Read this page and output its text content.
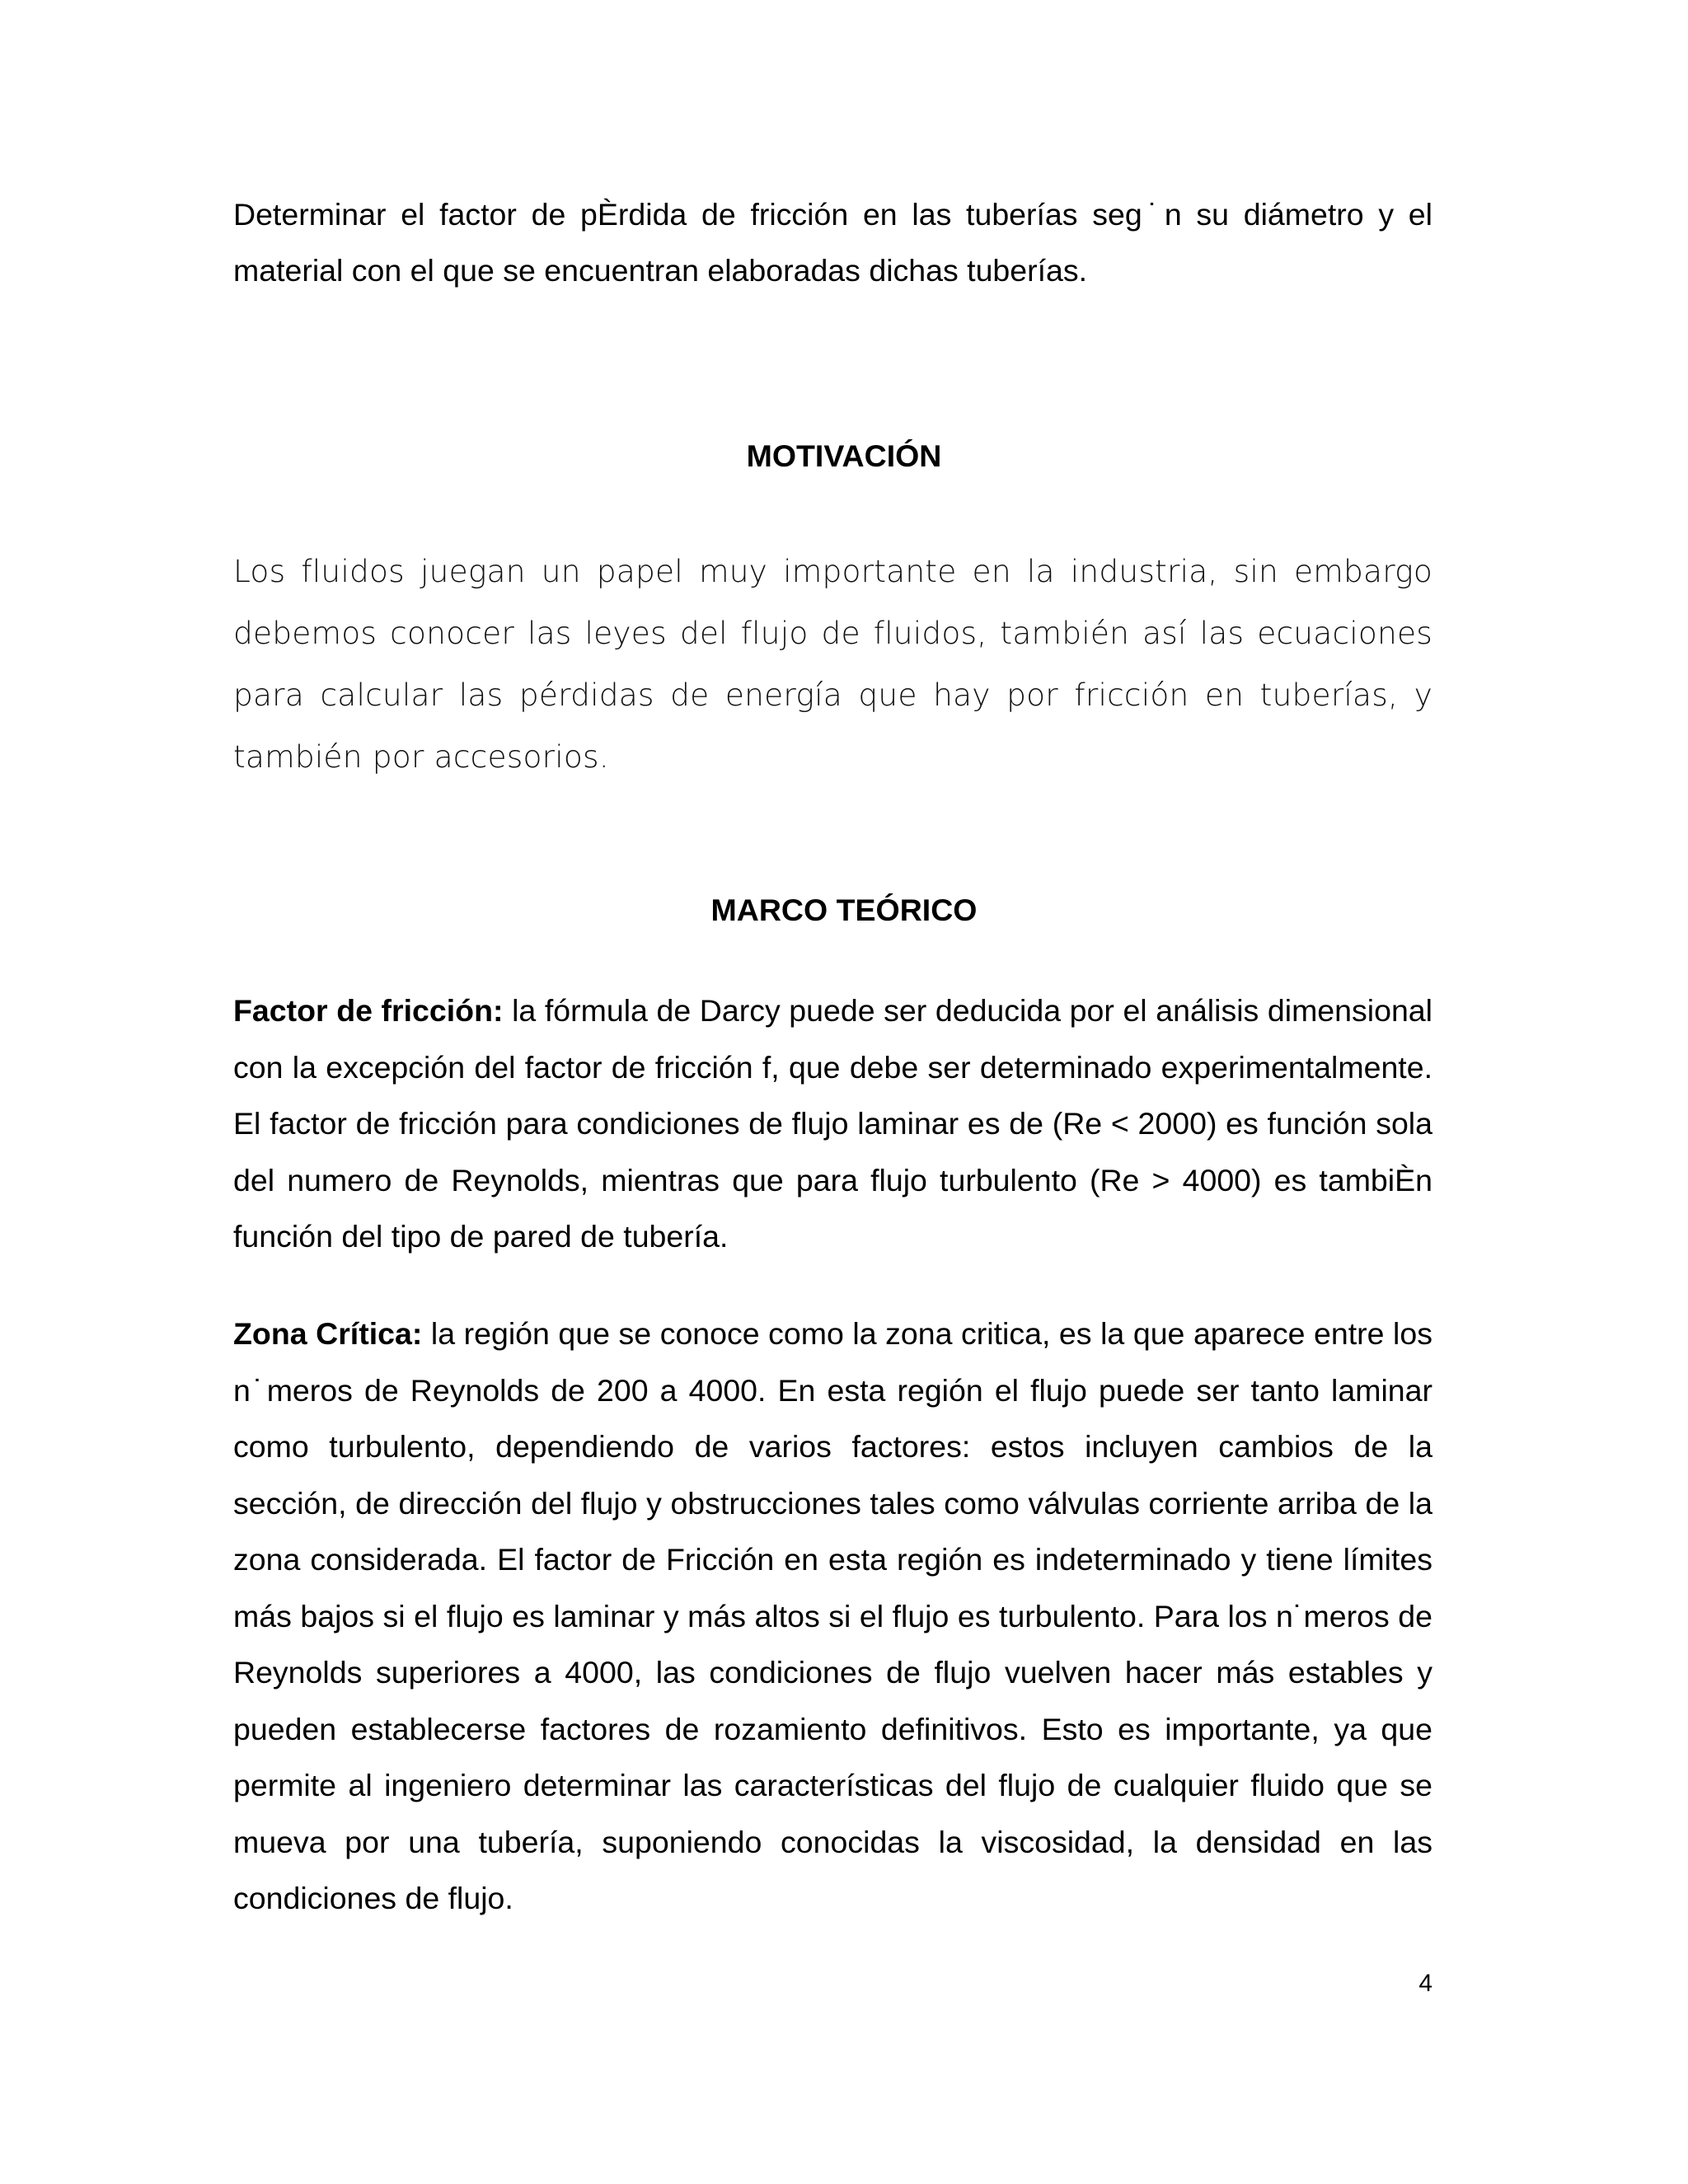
Determinar el factor de pÈrdida de fricción en las tuberías seg˙n su diámetro y el material con el que se encuentran elaboradas dichas tuberías.

MOTIVACIÓN

Los fluidos juegan un papel muy importante en la industria, sin embargo debemos conocer las leyes del flujo de fluidos, también así las ecuaciones para calcular las pérdidas de energía que hay por fricción en tuberías, y también por accesorios.

MARCO TEÓRICO

Factor de fricción: la fórmula de Darcy puede ser deducida por el análisis dimensional con la excepción del factor de fricción f, que debe ser determinado experimentalmente. El factor de fricción para condiciones de flujo laminar es de (Re < 2000) es función sola del numero de Reynolds, mientras que para flujo turbulento (Re > 4000) es tambiÈn función del tipo de pared de tubería.

Zona Crítica: la región que se conoce como la zona critica, es la que aparece entre los n˙meros de Reynolds de 200 a 4000. En esta región el flujo puede ser tanto laminar como turbulento, dependiendo de varios factores: estos incluyen cambios de la sección, de dirección del flujo y obstrucciones tales como válvulas corriente arriba de la zona considerada. El factor de Fricción en esta región es indeterminado y tiene límites más bajos si el flujo es laminar y más altos si el flujo es turbulento. Para los n˙meros de Reynolds superiores a 4000, las condiciones de flujo vuelven hacer más estables y pueden establecerse factores de rozamiento definitivos. Esto es importante, ya que permite al ingeniero determinar las características del flujo de cualquier fluido que se mueva por una tubería, suponiendo conocidas la viscosidad, la densidad en las condiciones de flujo.

4
